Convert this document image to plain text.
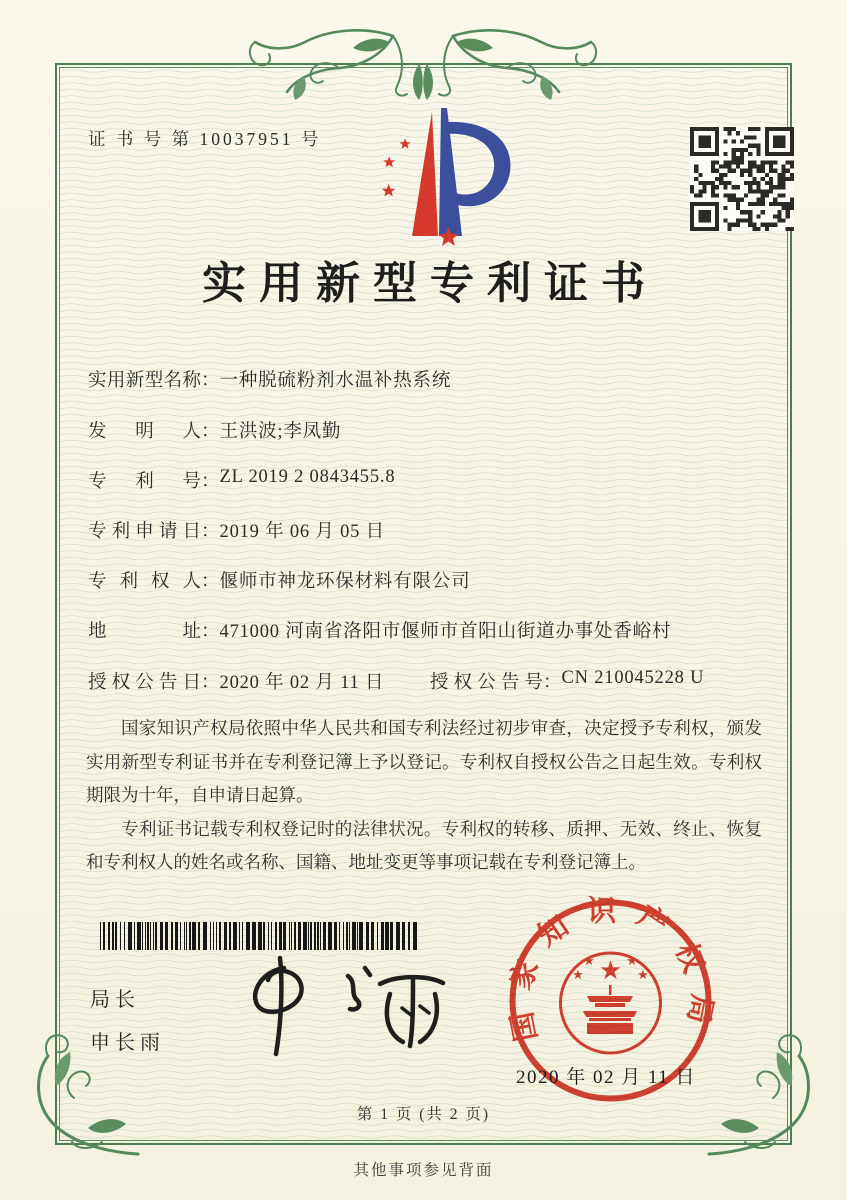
证 书 号 第 10037951 号
实用新型专利证书
实用新型名称：一种脱硫粉剂水温补热系统
发明人：王洪波;李凤勤
专利号：ZL 2019 2 0843455.8
专利申请日：2019 年 06 月 05 日
专利权人：偃师市神龙环保材料有限公司
地址：471000 河南省洛阳市偃师市首阳山街道办事处香峪村
授权公告日：2020 年 02 月 11 日 授权公告号：CN 210045228 U

国家知识产权局依照中华人民共和国专利法经过初步审查，决定授予专利权，颁发实用新型专利证书并在专利登记簿上予以登记。专利权自授权公告之日起生效。专利权期限为十年，自申请日起算。

专利证书记载专利权登记时的法律状况。专利权的转移、质押、无效、终止、恢复和专利权人的姓名或名称、国籍、地址变更等事项记载在专利登记簿上。

局长
申长雨	国家知识产权局
★
★
★
★
★
2020 年 02 月 11 日
第 1 页 (共 2 页)
其他事项参见背面
